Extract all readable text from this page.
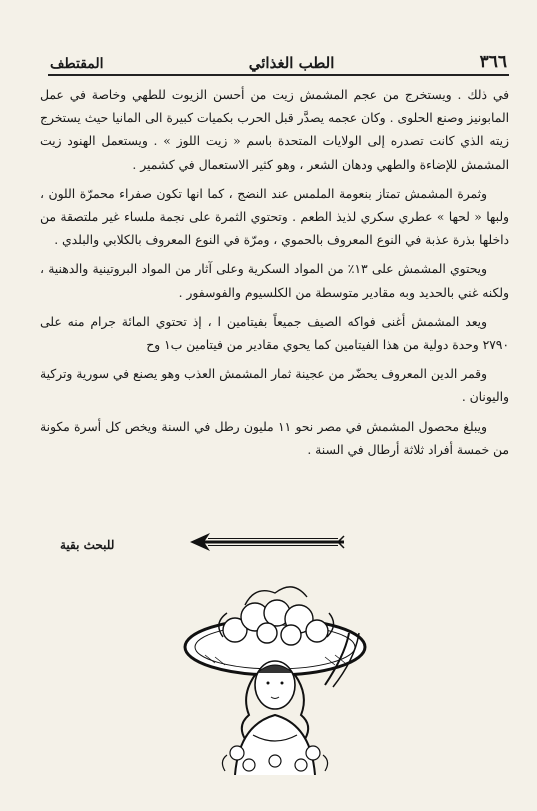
٣٦٦
الطب الغذائي
المقتطف

في ذلك . ويستخرج من عجم المشمش زيت من أحسن الزيوت للطهي وخاصة في عمل المابونيز وصنع الحلوى . وكان عجمه يصدَّر قبل الحرب بكميات كبيرة الى المانيا حيث يستخرج زيته الذي كانت تصدره إلى الولايات المتحدة باسم « زيت اللوز » . ويستعمل الهنود زيت المشمش للإضاءة والطهي ودهان الشعر ، وهو كثير الاستعمال في كشمير .

وثمرة المشمش تمتاز بنعومة الملمس عند النضج ، كما انها تكون صفراء محمرّة اللون ، ولبها « لحها » عطري سكري لذيذ الطعم . وتحتوي الثمرة على نجمة ملساء غير ملتصقة من داخلها بذرة عذبة في النوع المعروف بالحموي ، ومرّة في النوع المعروف بالكلابي والبلدي .

ويحتوي المشمش على ١٣٪ من المواد السكرية وعلى آثار من المواد البروتينية والدهنية ، ولكنه غني بالحديد وبه مقادير متوسطة من الكلسيوم والفوسفور .

ويعد المشمش أغنى فواكه الصيف جميعاً بفيتامين ا ، إذ تحتوي المائة جرام منه على ٢٧٩٠ وحدة دولية من هذا الفيتامين كما يحوي مقادير من فيتامين ب١ وح

وقمر الدين المعروف يحضّر من عجينة ثمار المشمش العذب وهو يصنع في سورية وتركية واليونان .

ويبلغ محصول المشمش في مصر نحو ١١ مليون رطل في السنة ويخص كل أسرة مكونة من خمسة أفراد ثلاثة أرطال في السنة .

للبحث بقية
